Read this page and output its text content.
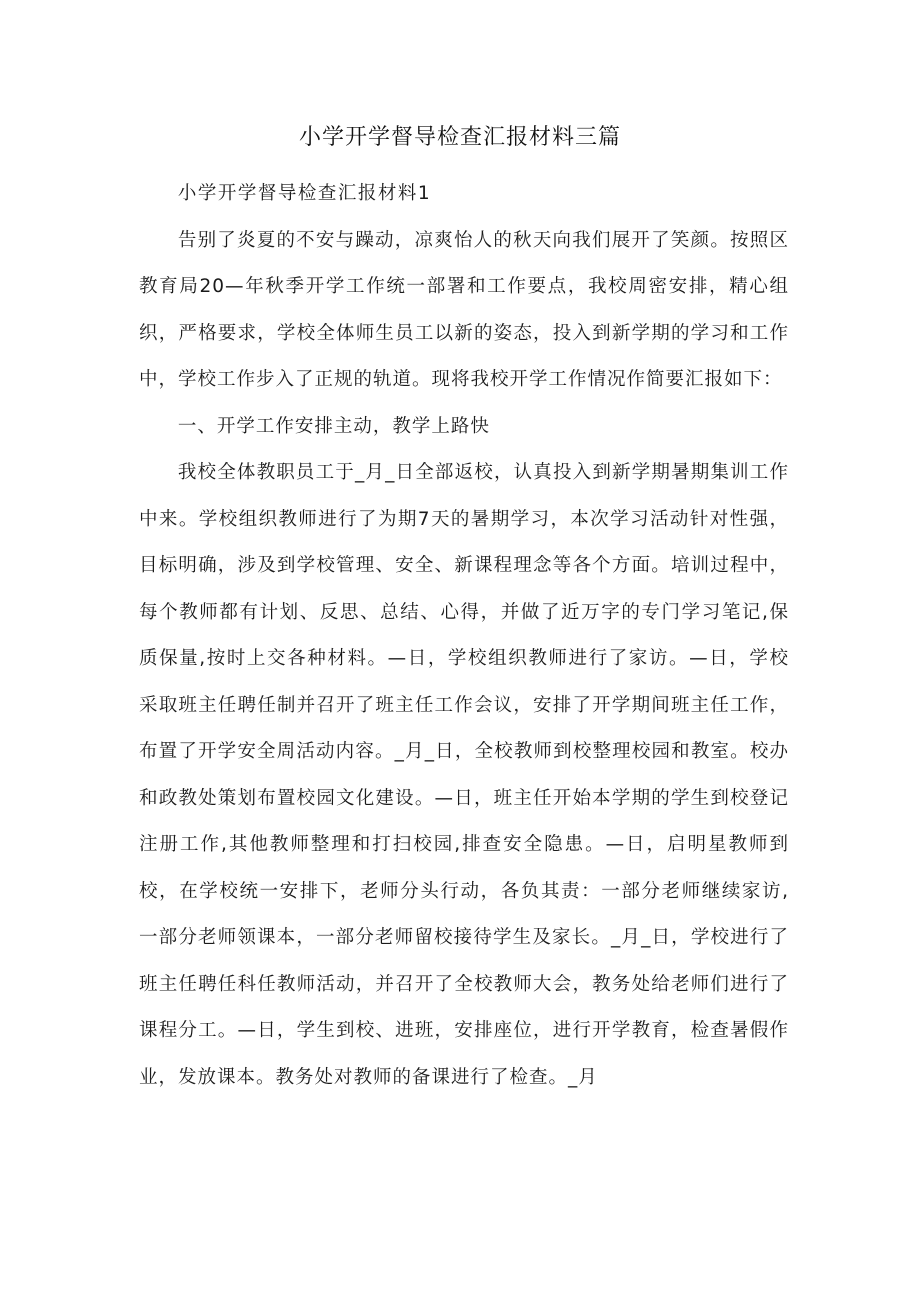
小学开学督导检查汇报材料三篇

小学开学督导检查汇报材料1

告别了炎夏的不安与躁动，凉爽怡人的秋天向我们展开了笑颜。按照区教育局20—年秋季开学工作统一部署和工作要点，我校周密安排，精心组织，严格要求，学校全体师生员工以新的姿态，投入到新学期的学习和工作中，学校工作步入了正规的轨道。现将我校开学工作情况作简要汇报如下：

一、开学工作安排主动，教学上路快

我校全体教职员工于_月_日全部返校，认真投入到新学期暑期集训工作中来。学校组织教师进行了为期7天的暑期学习，本次学习活动针对性强，目标明确，涉及到学校管理、安全、新课程理念等各个方面。培训过程中，每个教师都有计划、反思、总结、心得，并做了近万字的专门学习笔记,保质保量,按时上交各种材料。—日，学校组织教师进行了家访。—日，学校采取班主任聘任制并召开了班主任工作会议，安排了开学期间班主任工作，布置了开学安全周活动内容。_月_日，全校教师到校整理校园和教室。校办和政教处策划布置校园文化建设。—日，班主任开始本学期的学生到校登记注册工作,其他教师整理和打扫校园,排查安全隐患。—日，启明星教师到校，在学校统一安排下，老师分头行动，各负其责：一部分老师继续家访,一部分老师领课本，一部分老师留校接待学生及家长。_月_日，学校进行了班主任聘任科任教师活动，并召开了全校教师大会，教务处给老师们进行了课程分工。—日，学生到校、进班，安排座位，进行开学教育，检查暑假作业，发放课本。教务处对教师的备课进行了检查。_月
